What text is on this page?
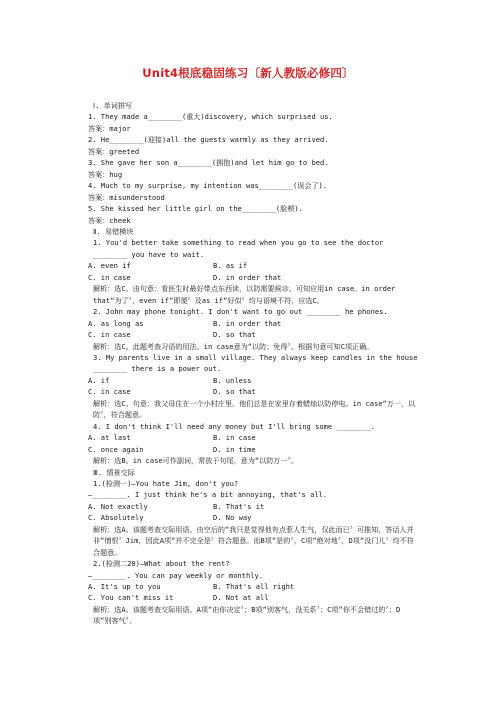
Unit4根底稳固练习〔新人教版必修四〕
Ⅰ. 单词拼写
1. They made a________(重大)discovery, which surprised us.
答案：major
2. He________(迎接)all the guests warmly as they arrived.
答案：greeted
3. She gave her son a________(拥抱)and let him go to bed.
答案：hug
4. Much to my surprise, my intention was________(误会了).
答案：misunderstood
5. She kissed her little girl on the________(脸颊).
答案：cheek
Ⅱ. 易错模块
1. You'd better take something to read when you go to see the doctor ________ you have to wait.
A. even if	B. as if
C. in case	D. in order that
解析：选C。由句意：看医生时最好带点东西读，以防需要候诊。可知应用in case。in order that“为了〞，even if“即便〞及as if“好似〞均与语境不符，应选C。
2. John may phone tonight. I don't want to go out ________ he phones.
A. as long as	B. in order that
C. in case	D. so that
解析：选C。此题考查习语的用法。in case意为“以防；免得〞。根据句意可知C项正确。
3. My parents live in a small village. They always keep candles in the house ________ there is a power out.
A. if	B. unless
C. in case	D. so that
解析：选C。句意：我父母住在一个小村庄里。他们总是在家里存着蜡烛以防停电。in case“万一，以防〞，符合题意。
4. I don't think I'll need any money but I'll bring some ________.
A. at last	B. in case
C. once again	D. in time
解析：选B。in case可作副词，常放于句尾，意为“以防万一〞。
Ⅲ. 情景交际
1.(检测一)—You hate Jim, don't you?
—________. I just think he's a bit annoying, that's all.
A. Not exactly	B. That's it
C. Absolutely	D. No way
解析：选A。该题考查交际用语。由空后的“我只是觉得他有点惹人生气，仅此而已〞可推知，答话人并非“憎恨〞Jim，因此A项“并不完全是〞符合题意。而B项“是的〞，C项“绝对地〞，D项“没门儿〞均不符合题意。
2.(检测二20)—What about the rent?
—________. You can pay weekly or monthly.
A. It's up to you	B. That's all right
C. You can't miss it	D. Not at all
解析：选A。该题考查交际用语。A项“由你决定〞；B项“别客气，没关系〞；C项“你不会错过的〞；D项“别客气〞。
